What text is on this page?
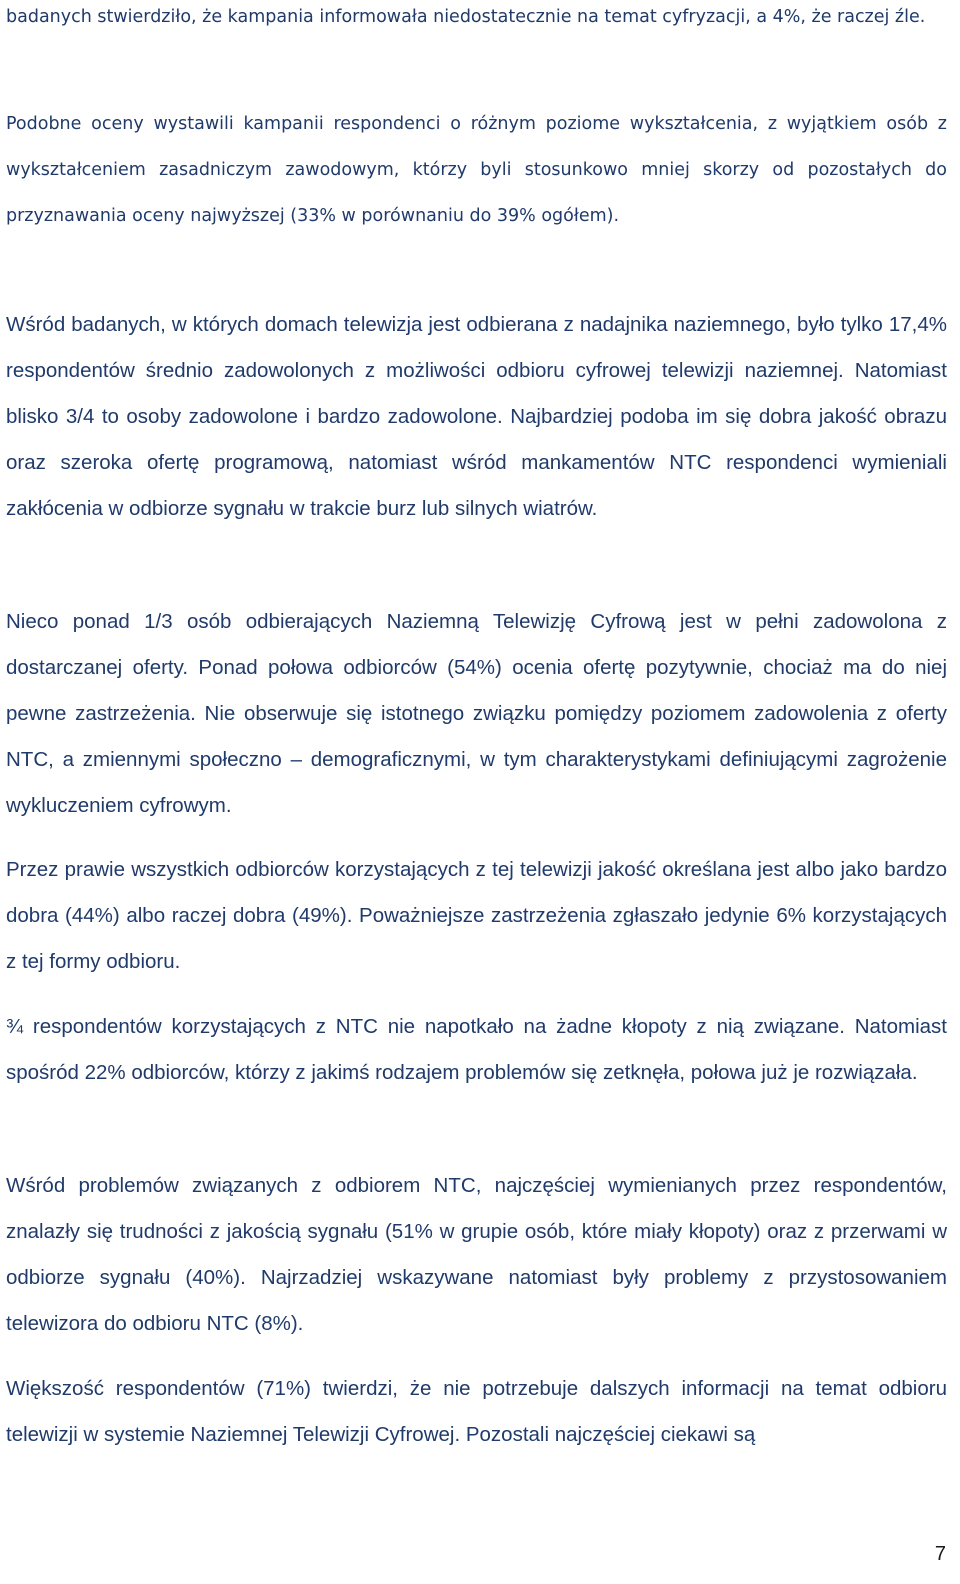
badanych stwierdziło, że kampania informowała niedostatecznie na temat cyfryzacji, a 4%, że raczej źle.

Podobne oceny wystawili kampanii respondenci o różnym poziome wykształcenia, z wyjątkiem osób z wykształceniem zasadniczym zawodowym, którzy byli stosunkowo mniej skorzy od pozostałych do przyznawania oceny najwyższej (33% w porównaniu do 39% ogółem).

Wśród badanych, w których domach telewizja jest odbierana z nadajnika naziemnego, było tylko 17,4% respondentów średnio zadowolonych z możliwości odbioru cyfrowej telewizji naziemnej. Natomiast blisko 3/4 to osoby zadowolone i bardzo zadowolone. Najbardziej podoba im się dobra jakość obrazu oraz szeroka ofertę programową, natomiast wśród mankamentów NTC respondenci wymieniali zakłócenia w odbiorze sygnału w trakcie burz lub silnych wiatrów.

Nieco ponad 1/3 osób odbierających Naziemną Telewizję Cyfrową jest w pełni zadowolona z dostarczanej oferty. Ponad połowa odbiorców (54%) ocenia ofertę pozytywnie, chociaż ma do niej pewne zastrzeżenia. Nie obserwuje się istotnego związku pomiędzy poziomem zadowolenia z oferty NTC, a zmiennymi społeczno – demograficznymi, w tym charakterystykami definiującymi zagrożenie wykluczeniem cyfrowym.

Przez prawie wszystkich odbiorców korzystających z tej telewizji jakość określana jest albo jako bardzo dobra (44%) albo raczej dobra (49%). Poważniejsze zastrzeżenia zgłaszało jedynie 6% korzystających z tej formy odbioru.

¾ respondentów korzystających z NTC nie napotkało na żadne kłopoty z nią związane. Natomiast spośród 22% odbiorców, którzy z jakimś rodzajem problemów się zetknęła, połowa już je rozwiązała.

Wśród problemów związanych z odbiorem NTC, najczęściej wymienianych przez respondentów, znalazły się trudności z jakością sygnału (51% w grupie osób, które miały kłopoty) oraz z przerwami w odbiorze sygnału (40%). Najrzadziej wskazywane natomiast były problemy z przystosowaniem telewizora do odbioru NTC (8%).

Większość respondentów (71%) twierdzi, że nie potrzebuje dalszych informacji na temat odbioru telewizji w systemie Naziemnej Telewizji Cyfrowej. Pozostali najczęściej ciekawi są

7
